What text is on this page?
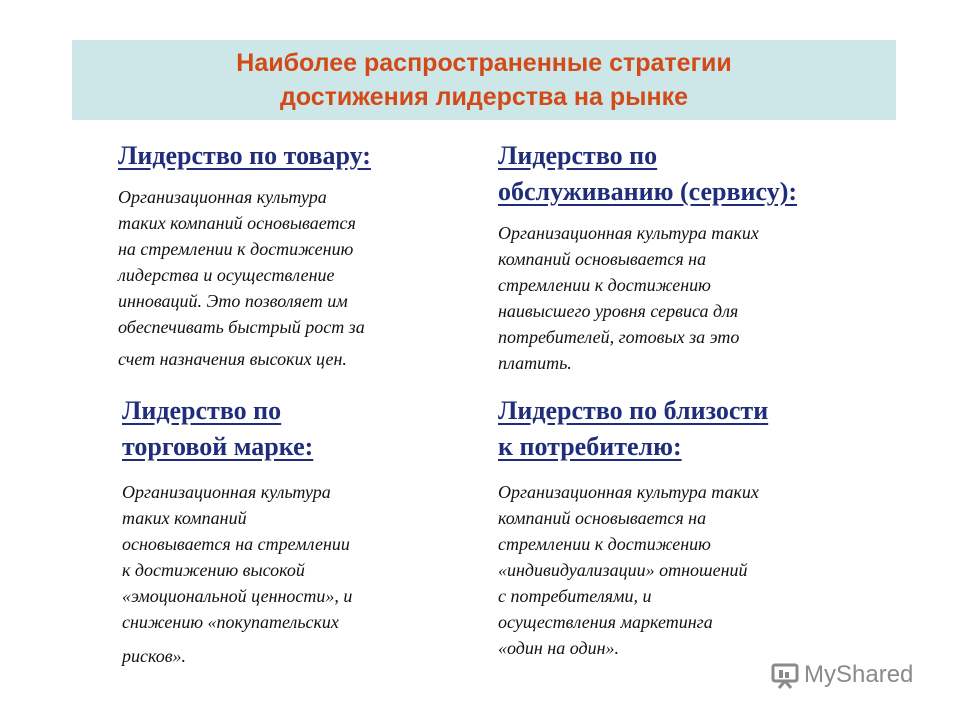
Наиболее распространенные стратегии
достижения лидерства на рынке
Лидерство по товару:
Организационная культура
таких компаний основывается
на стремлении к достижению
лидерства и осуществление
инноваций. Это позволяет им
обеспечивать быстрый рост за
счет назначения высоких цен.
Лидерство по
обслуживанию (сервису):
Организационная культура таких
компаний основывается на
стремлении к достижению
наивысшего уровня сервиса для
потребителей, готовых за это
платить.
Лидерство по
торговой марке:
Организационная культура
таких компаний
основывается на стремлении
к достижению высокой
«эмоциональной ценности», и
снижению «покупательских
рисков».
Лидерство по близости
к потребителю:
Организационная культура таких
компаний основывается на
стремлении к достижению
«индивидуализации» отношений
с потребителями, и
осуществления маркетинга
«один на один».
MyShared
